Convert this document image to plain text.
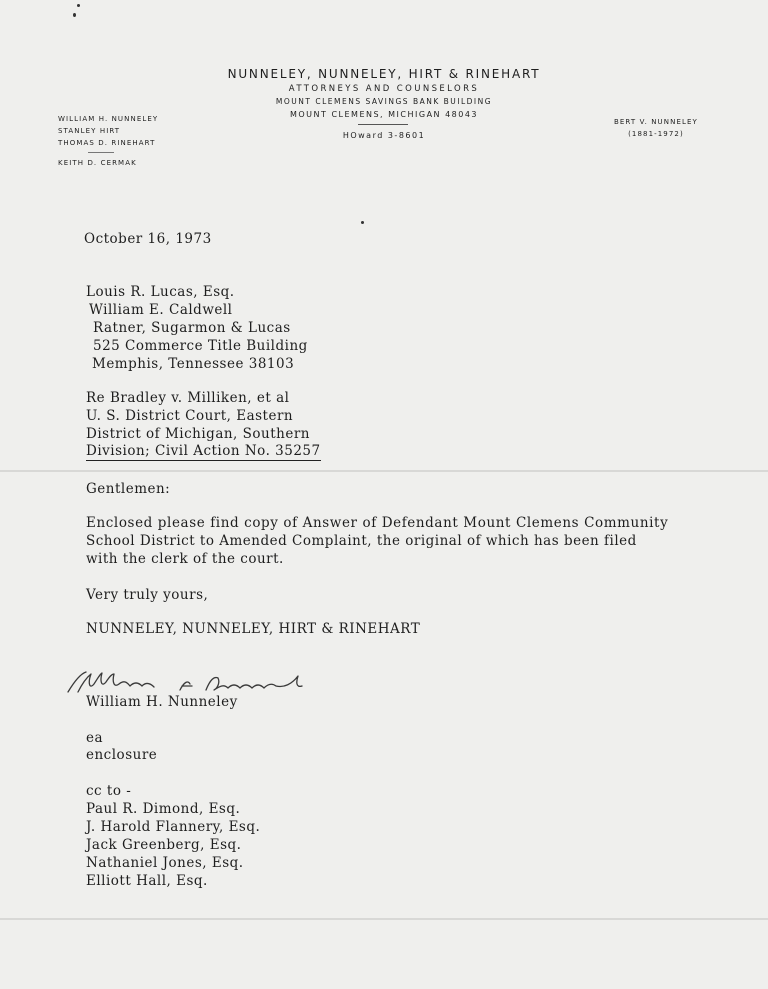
NUNNELEY, NUNNELEY, HIRT & RINEHART
ATTORNEYS AND COUNSELORS
MOUNT CLEMENS SAVINGS BANK BUILDING
MOUNT CLEMENS, MICHIGAN 48043
HOward 3-8601
WILLIAM H. NUNNELEY
STANLEY HIRT
THOMAS D. RINEHART
KEITH D. CERMAK
BERT V. NUNNELEY
(1881-1972)
October 16, 1973
Louis R. Lucas, Esq.
William E. Caldwell
Ratner, Sugarmon & Lucas
525 Commerce Title Building
Memphis, Tennessee 38103
Re Bradley v. Milliken, et al
U. S. District Court, Eastern
District of Michigan, Southern
Division; Civil Action No. 35257
Gentlemen:
Enclosed please find copy of Answer of Defendant Mount Clemens Community
School District to Amended Complaint, the original of which has been filed
with the clerk of the court.
Very truly yours,
NUNNELEY, NUNNELEY, HIRT & RINEHART
William H. Nunneley William H. Nunneley
ea
enclosure
cc to -
Paul R. Dimond, Esq.
J. Harold Flannery, Esq.
Jack Greenberg, Esq.
Nathaniel Jones, Esq.
Elliott Hall, Esq.
